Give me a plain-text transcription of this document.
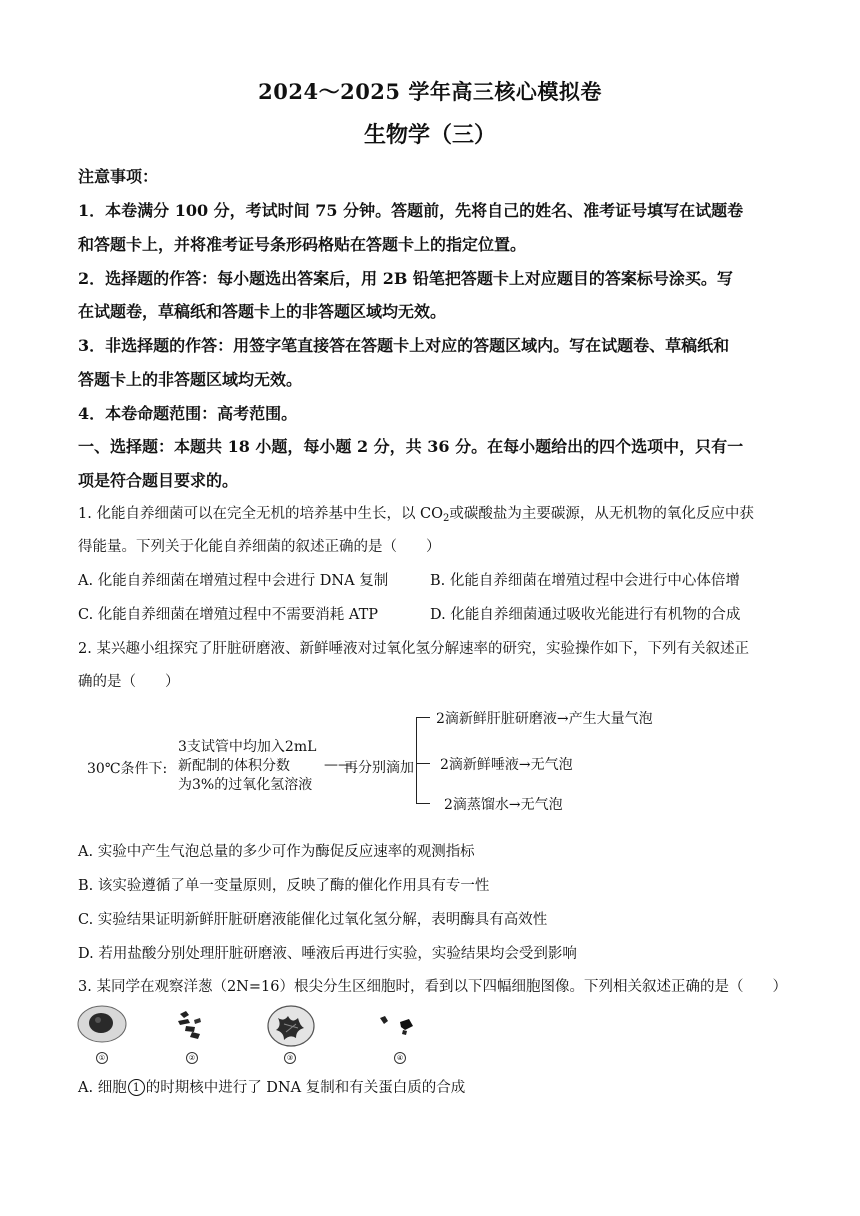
2024～2025 学年高三核心模拟卷
生物学（三）
注意事项：
1．本卷满分 100 分，考试时间 75 分钟。答题前，先将自己的姓名、准考证号填写在试题卷
和答题卡上，并将准考证号条形码格贴在答题卡上的指定位置。
2．选择题的作答：每小题选出答案后，用 2B 铅笔把答题卡上对应题目的答案标号涂买。写
在试题卷，草稿纸和答题卡上的非答题区域均无效。
3．非选择题的作答：用签字笔直接答在答题卡上对应的答题区域内。写在试题卷、草稿纸和
答题卡上的非答题区域均无效。
4．本卷命题范围：高考范围。
一、选择题：本题共 18 小题，每小题 2 分，共 36 分。在每小题给出的四个选项中，只有一
项是符合题目要求的。
1. 化能自养细菌可以在完全无机的培养基中生长，以 $CO_2$或碳酸盐为主要碳源，从无机物的氧化反应中获
得能量。下列关于化能自养细菌的叙述正确的是（　　）
A. 化能自养细菌在增殖过程中会进行 DNA 复制	B. 化能自养细菌在增殖过程中会进行中心体倍增
C. 化能自养细菌在增殖过程中不需要消耗 ATP	D. 化能自养细菌通过吸收光能进行有机物的合成
2. 某兴趣小组探究了肝脏研磨液、新鲜唾液对过氧化氢分解速率的研究，实验操作如下，下列有关叙述正
确的是（　　）
30℃条件下:
3支试管中均加入2mL
新配制的体积分数
为3%的过氧化氢溶液
——
再分别滴加
2滴新鲜肝脏研磨液→产生大量气泡
2滴新鲜唾液→无气泡
2滴蒸馏水→无气泡
A. 实验中产生气泡总量的多少可作为酶促反应速率的观测指标
B. 该实验遵循了单一变量原则，反映了酶的催化作用具有专一性
C. 实验结果证明新鲜肝脏研磨液能催化过氧化氢分解，表明酶具有高效性
D. 若用盐酸分别处理肝脏研磨液、唾液后再进行实验，实验结果均会受到影响
3. 某同学在观察洋葱（2N=16）根尖分生区细胞时，看到以下四幅细胞图像。下列相关叙述正确的是（　　）
①	②	③	④
A. 细胞 1 的时期核中进行了 DNA 复制和有关蛋白质的合成
